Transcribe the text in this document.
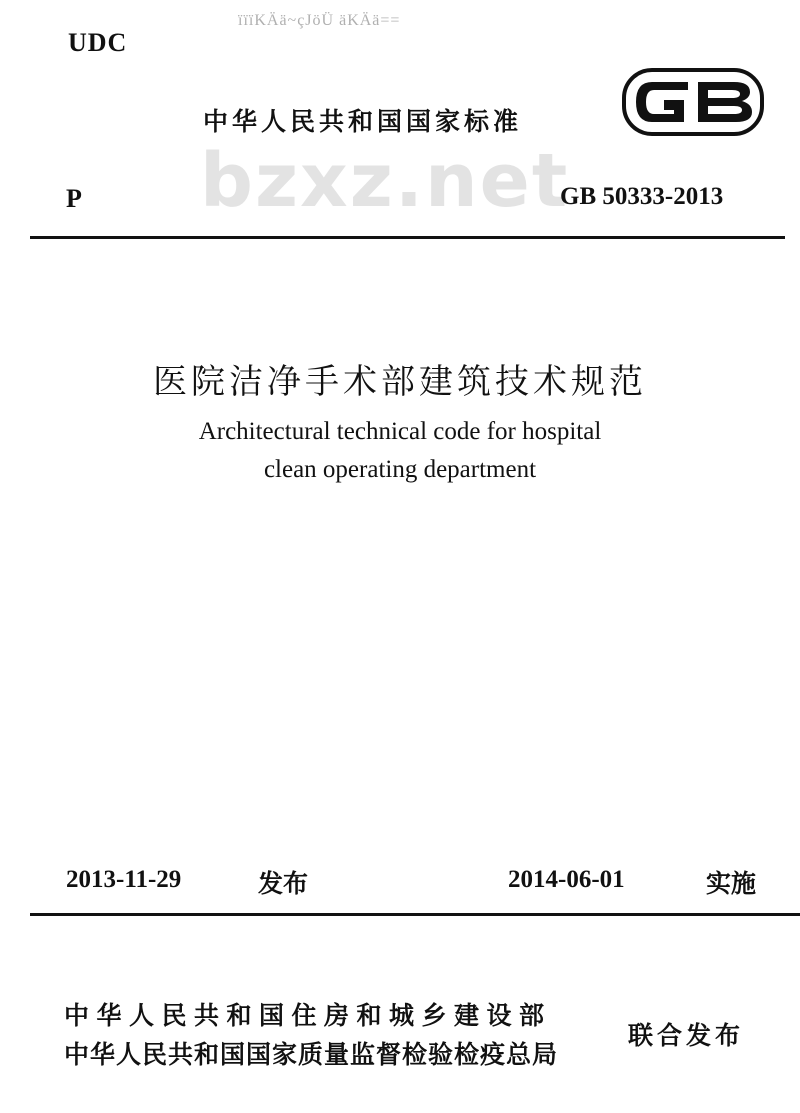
UDC
ïïïKÄä~çJöÜ äKÄä==
中华人民共和国国家标准
bzxz.net
P	GB 50333-2013
医院洁净手术部建筑技术规范
Architectural technical code for hospital
clean operating department
2013-11-29	发布	2014-06-01	实施
中华人民共和国住房和城乡建设部
中华人民共和国国家质量监督检验检疫总局
联合发布
